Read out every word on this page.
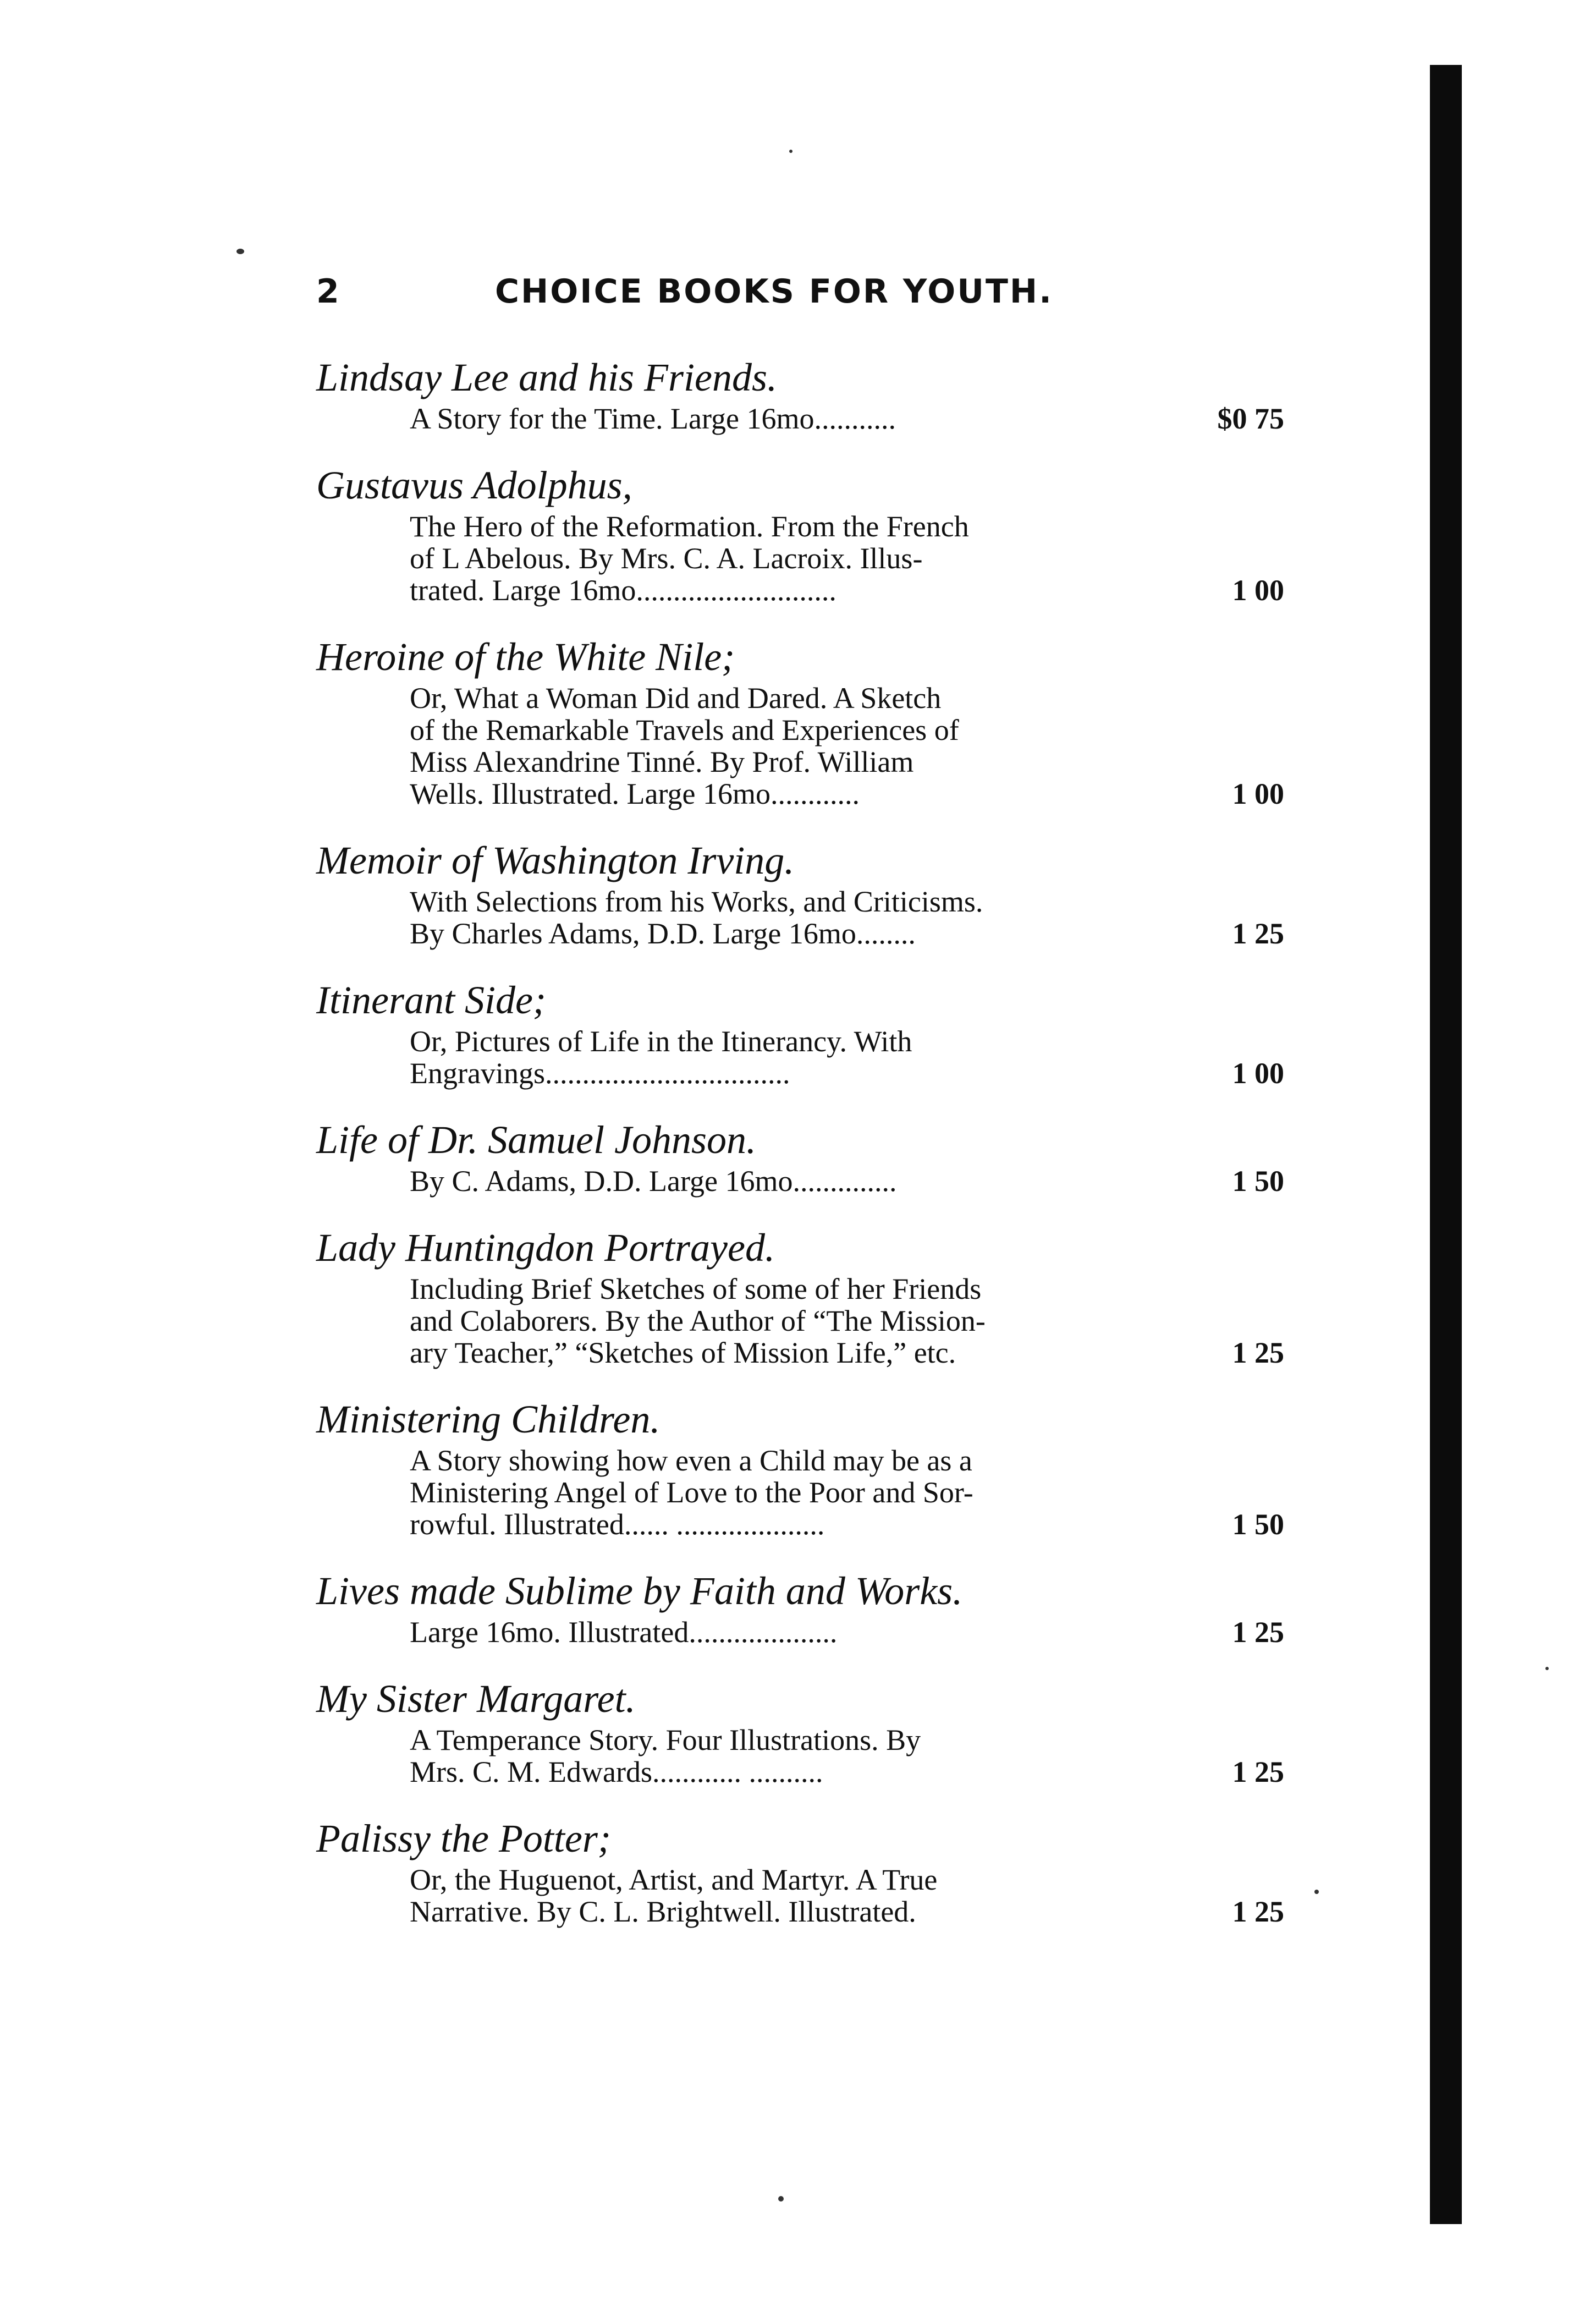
2	CHOICE BOOKS FOR YOUTH.
Lindsay Lee and his Friends.
A Story for the Time. Large 16mo...........	$0 75
Gustavus Adolphus,
The Hero of the Reformation. From the French
of L Abelous. By Mrs. C. A. Lacroix. Illus-
trated. Large 16mo...........................	1 00
Heroine of the White Nile;
Or, What a Woman Did and Dared. A Sketch
of the Remarkable Travels and Experiences of
Miss Alexandrine Tinné. By Prof. William
Wells. Illustrated. Large 16mo............	1 00
Memoir of Washington Irving.
With Selections from his Works, and Criticisms.
By Charles Adams, D.D. Large 16mo........	1 25
Itinerant Side;
Or, Pictures of Life in the Itinerancy. With
Engravings.................................	1 00
Life of Dr. Samuel Johnson.
By C. Adams, D.D. Large 16mo..............	1 50
Lady Huntingdon Portrayed.
Including Brief Sketches of some of her Friends
and Colaborers. By the Author of “The Mission-
ary Teacher,” “Sketches of Mission Life,” etc.	1 25
Ministering Children.
A Story showing how even a Child may be as a
Ministering Angel of Love to the Poor and Sor-
rowful. Illustrated...... ....................	1 50
Lives made Sublime by Faith and Works.
Large 16mo. Illustrated....................	1 25
My Sister Margaret.
A Temperance Story. Four Illustrations. By
Mrs. C. M. Edwards............ ..........	1 25
Palissy the Potter;
Or, the Huguenot, Artist, and Martyr. A True
Narrative. By C. L. Brightwell. Illustrated.	1 25
